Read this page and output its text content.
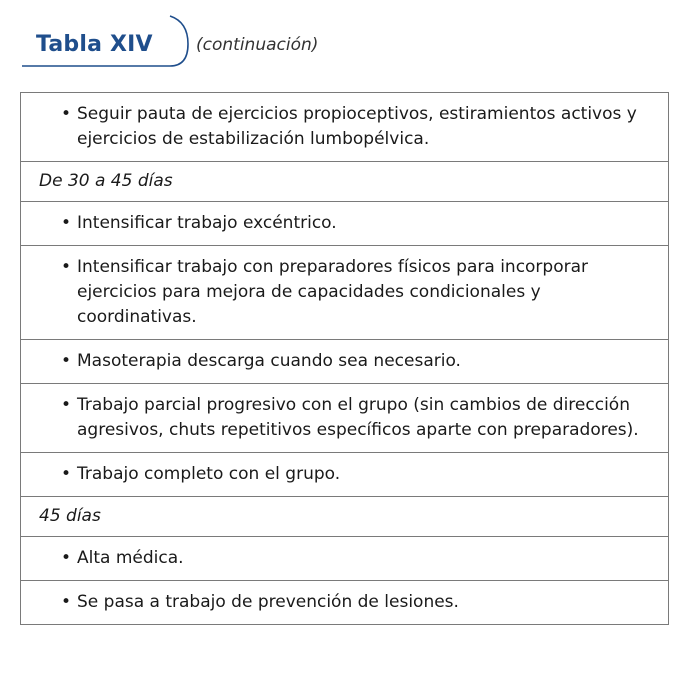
Tabla XIV	(continuación)
• Seguir pauta de ejercicios propioceptivos, estiramientos activos y ejercicios de estabilización lumbopélvica.
De 30 a 45 días
• Intensificar trabajo excéntrico.
• Intensificar trabajo con preparadores físicos para incorporar ejercicios para mejora de capacidades condicionales y coordinativas.
• Masoterapia descarga cuando sea necesario.
• Trabajo parcial progresivo con el grupo (sin cambios de dirección agresivos, chuts repetitivos específicos aparte con preparadores).
• Trabajo completo con el grupo.
45 días
• Alta médica.
• Se pasa a trabajo de prevención de lesiones.
